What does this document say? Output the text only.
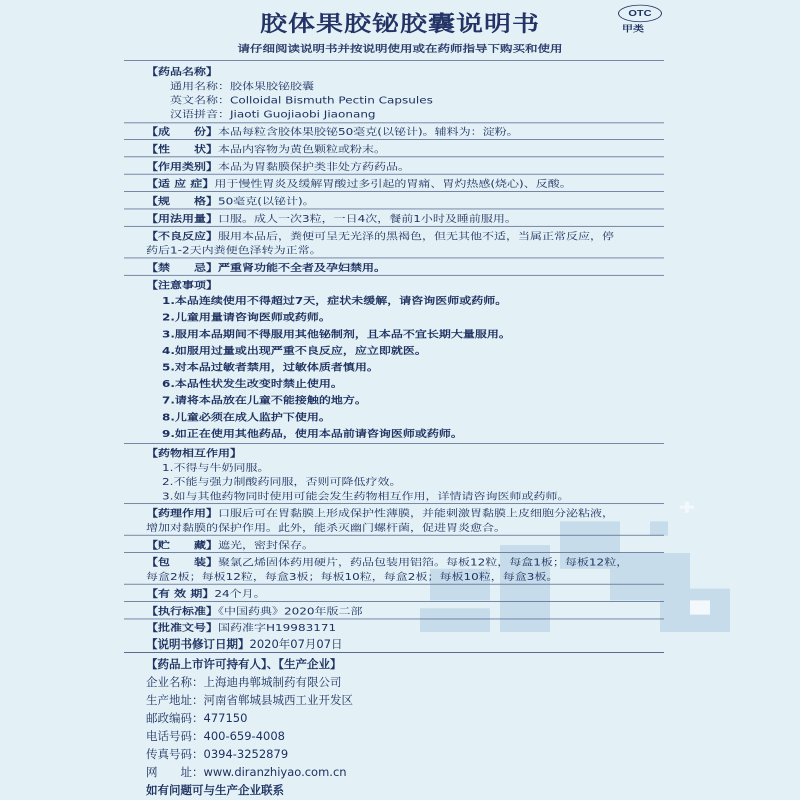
胶体果胶铋胶囊说明书	OTC
甲类
请仔细阅读说明书并按说明使用或在药师指导下购买和使用
【药品名称】
通用名称：胶体果胶铋胶囊
英文名称：Colloidal Bismuth Pectin Capsules
汉语拼音：Jiaoti Guojiaobi Jiaonang
【成　　份】本品每粒含胶体果胶铋50毫克(以铋计)。辅料为：淀粉。
【性　　状】本品内容物为黄色颗粒或粉末。
【作用类别】本品为胃黏膜保护类非处方药药品。
【适 应 症】用于慢性胃炎及缓解胃酸过多引起的胃痛、胃灼热感(烧心)、反酸。
【规　　格】50毫克(以铋计)。
【用法用量】口服。成人一次3粒，一日4次，餐前1小时及睡前服用。
【不良反应】服用本品后，粪便可呈无光泽的黑褐色，但无其他不适，当属正常反应，停
药后1-2天内粪便色泽转为正常。
【禁　　忌】严重肾功能不全者及孕妇禁用。
【注意事项】
1.本品连续使用不得超过7天，症状未缓解，请咨询医师或药师。
2.儿童用量请咨询医师或药师。
3.服用本品期间不得服用其他铋制剂，且本品不宜长期大量服用。
4.如服用过量或出现严重不良反应，应立即就医。
5.对本品过敏者禁用，过敏体质者慎用。
6.本品性状发生改变时禁止使用。
7.请将本品放在儿童不能接触的地方。
8.儿童必须在成人监护下使用。
9.如正在使用其他药品，使用本品前请咨询医师或药师。
【药物相互作用】
1.不得与牛奶同服。
2.不能与强力制酸药同服，否则可降低疗效。
3.如与其他药物同时使用可能会发生药物相互作用，详情请咨询医师或药师。
【药理作用】口服后可在胃黏膜上形成保护性薄膜，并能刺激胃黏膜上皮细胞分泌粘液，
增加对黏膜的保护作用。此外，能杀灭幽门螺杆菌，促进胃炎愈合。
【贮　　藏】遮光，密封保存。
【包　　装】聚氯乙烯固体药用硬片，药品包装用铝箔。每板12粒，每盒1板；每板12粒，
每盒2板；每板12粒，每盒3板；每板10粒，每盒2板；每板10粒，每盒3板。
【有 效 期】24个月。
【执行标准】《中国药典》2020年版二部
【批准文号】国药准字H19983171
【说明书修订日期】2020年07月07日
【药品上市许可持有人】、【生产企业】
企业名称：上海迪冉郸城制药有限公司
生产地址：河南省郸城县城西工业开发区
邮政编码：477150
电话号码：400-659-4008
传真号码：0394-3252879
网　　址：www.diranzhiyao.com.cn
如有问题可与生产企业联系
